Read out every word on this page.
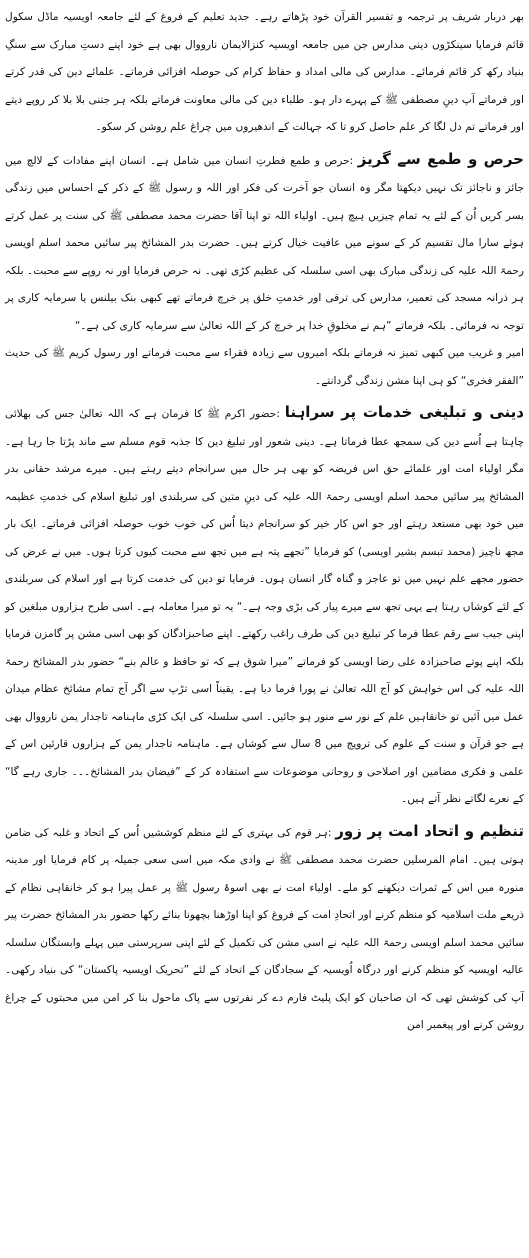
بھر دربار شریف پر ترجمہ و تفسیر القرآن خود پڑھاتے رہے۔ جدید تعلیم کے فروغ کے لئے جامعہ اویسیہ ماڈل سکول قائم فرمایا سینکڑوں دینی مدارس جن میں جامعہ اویسیہ کنزالایمان نارووال بھی ہے خود اپنے دستِ مبارک سے سنگِ بنیاد رکھ کر قائم فرمائے۔ مدارس کی مالی امداد و حفاظ کرام کی حوصلہ افزائی فرماتے۔ علمائے دین کی قدر کرتے اور فرماتے آپ دینِ مصطفی ﷺ کے پہرے دار ہو۔ طلباء دین کی مالی معاونت فرماتے بلکہ ہر جتنی بلا بلا کر روپے دیتے اور فرماتے تم دل لگا کر علم حاصل کرو تا کہ جہالت کے اندھیروں میں چراغ علم روشن کر سکو۔

حرص و طمع سے گریز :حرص و طمع فطرتِ انسان میں شامل ہے۔ انسان اپنے مفادات کے لالچ میں جائز و ناجائز تک نہیں دیکھتا مگر وہ انسان جو آخرت کی فکر اور اللہ و رسول ﷺ کے ذکر کے احساس میں زندگی بسر کریں اُن کے لئے یہ تمام چیزیں ہیچ ہیں۔ اولیاء اللہ تو اپنا آقا حضرت محمد مصطفی ﷺ کی سنت پر عمل کرتے ہوئے سارا مال تقسیم کر کے سونے میں عافیت خیال کرتے ہیں۔ حضرت بدر المشائخ پیر سائیں محمد اسلم اویسی رحمۃ اللہ علیہ کی زندگی مبارک بھی اسی سلسلہ کی عظیم کڑی تھی۔ نہ حرص فرمایا اور نہ روپے سے محبت۔ بلکہ ہر ذرانہ مسجد کی تعمیر، مدارس کی ترقی اور خدمتِ خلق پر خرچ فرماتے تھے کبھی بنک بیلنس یا سرمایہ کاری پر توجہ نہ فرمائی۔ بلکہ فرماتے ”ہم نے مخلوقِ خدا پر خرچ کر کے اللہ تعالیٰ سے سرمایہ کاری کی ہے۔“

امیر و غریب میں کبھی تمیز نہ فرماتے بلکہ امیروں سے زیادہ فقراء سے محبت فرماتے اور رسول کریم ﷺ کی حدیث ”الفقر فخری“ کو ہی اپنا مشن زندگی گردانتے۔

دینی و تبلیغی خدمات پر سراہنا :حضور اکرم ﷺ کا فرمان ہے کہ اللہ تعالیٰ جس کی بھلائی چاہتا ہے اُسے دین کی سمجھ عطا فرماتا ہے۔ دینی شعور اور تبلیغ دین کا جذبہ قوم مسلم سے ماند پڑتا جا رہا ہے۔ مگر اولیاء امت اور علمائے حق اس فریضہ کو بھی ہر حال میں سرانجام دیتے رہتے ہیں۔ میرے مرشد حقانی بدر المشائخ پیر سائیں محمد اسلم اویسی رحمۃ اللہ علیہ کی دینِ متین کی سربلندی اور تبلیغ اسلام کی خدمتِ عظیمہ میں خود بھی مستعد رہتے اور جو اس کار خیر کو سرانجام دیتا اُس کی خوب خوب حوصلہ افزائی فرماتے۔ ایک بار مجھ ناچیز (محمد تبسم بشیر اویسی) کو فرمایا ”تجھے پتہ ہے میں تجھ سے محبت کیوں کرتا ہوں۔ میں نے عرض کی حضور مجھے علم نہیں میں تو عاجز و گناہ گار انسان ہوں۔ فرمایا تو دین کی خدمت کرتا ہے اور اسلام کی سربلندی کے لئے کوشاں رہتا ہے یہی تجھ سے میرے پیار کی بڑی وجہ ہے۔“ یہ تو میرا معاملہ ہے۔ اسی طرح ہزاروں مبلغین کو اپنی جیب سے رقم عطا فرما کر تبلیغ دین کی طرف راغب رکھتے۔ اپنے صاحبزادگان کو بھی اسی مشن پر گامزن فرمایا بلکہ اپنے پوتے صاحبزادہ علی رضا اویسی کو فرماتے ”میرا شوق ہے کہ تو حافظ و عالم بنے“ حضور بدر المشائخ رحمۃ اللہ علیہ کی اس خواہش کو آج اللہ تعالیٰ نے پورا فرما دیا ہے۔ یقیناً اسی تڑپ سے اگر آج تمام مشائخ عظام میدان عمل میں آئیں تو خانقاہیں علم کے نور سے منور ہو جائیں۔ اسی سلسلہ کی ایک کڑی ماہنامہ تاجدار یمن نارووال بھی ہے جو قرآن و سنت کے علوم کی ترویج میں 8 سال سے کوشاں ہے۔ ماہنامہ تاجدار یمن کے ہزاروں قارئین اس کے علمی و فکری مضامین اور اصلاحی و روحانی موضوعات سے استفادہ کر کے ”فیضان بدر المشائخ۔۔۔ جاری رہے گا“ کے نعرے لگاتے نظر آتے ہیں۔

تنظیم و اتحاد امت پر زور :ہر قوم کی بہتری کے لئے منظم کوششیں اُس کے اتحاد و غلبہ کی ضامن ہوتی ہیں۔ امام المرسلین حضرت محمد مصطفی ﷺ نے وادی مکہ میں اسی سعی جمیلہ پر کام فرمایا اور مدینہ منورہ میں اس کے ثمرات دیکھنے کو ملے۔ اولیاء امت نے بھی اسوۂ رسول ﷺ پر عمل پیرا ہو کر خانقاہی نظام کے ذریعے ملت اسلامیہ کو منظم کرنے اور اتحادِ امت کے فروغ کو اپنا اوڑھنا بچھونا بنائے رکھا حضور بدر المشائخ حضرت پیر سائیں محمد اسلم اویسی رحمۃ اللہ علیہ نے اسی مشن کی تکمیل کے لئے اپنی سرپرستی میں پہلے وابستگان سلسلہ عالیہ اویسیہ کو منظم کرنے اور درگاہ اُویسیہ کے سجادگان کے اتحاد کے لئے ”تحریک اویسیہ پاکستان“ کی بنیاد رکھی۔ آپ کی کوشش تھی کہ ان صاحبان کو ایک پلیٹ فارم دے کر نفرتوں سے پاک ماحول بنا کر امن میں محبتوں کے چراغ روشن کرنے اور پیغمبر امن
